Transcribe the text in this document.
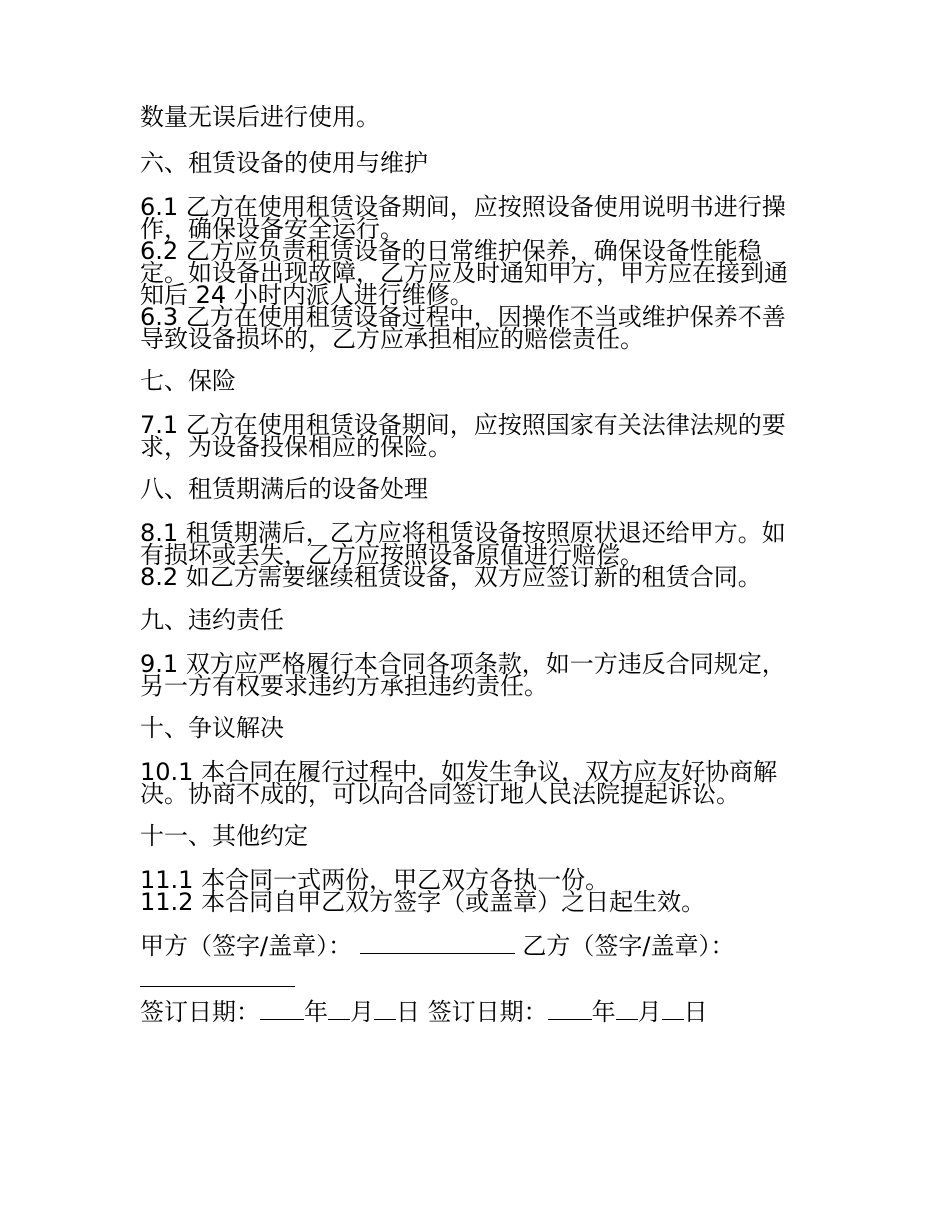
数量无误后进行使用。
六、租赁设备的使用与维护
6.1 乙方在使用租赁设备期间，应按照设备使用说明书进行操
作，确保设备安全运行。
6.2 乙方应负责租赁设备的日常维护保养，确保设备性能稳
定。如设备出现故障，乙方应及时通知甲方，甲方应在接到通
知后 24 小时内派人进行维修。
6.3 乙方在使用租赁设备过程中，因操作不当或维护保养不善
导致设备损坏的，乙方应承担相应的赔偿责任。
七、保险
7.1 乙方在使用租赁设备期间，应按照国家有关法律法规的要
求，为设备投保相应的保险。
八、租赁期满后的设备处理
8.1 租赁期满后，乙方应将租赁设备按照原状退还给甲方。如
有损坏或丢失，乙方应按照设备原值进行赔偿。
8.2 如乙方需要继续租赁设备，双方应签订新的租赁合同。
九、违约责任
9.1 双方应严格履行本合同各项条款，如一方违反合同规定，
另一方有权要求违约方承担违约责任。
十、争议解决
10.1 本合同在履行过程中，如发生争议，双方应友好协商解
决。协商不成的，可以向合同签订地人民法院提起诉讼。
十一、其他约定
11.1 本合同一式两份，甲乙双方各执一份。
11.2 本合同自甲乙双方签字（或盖章）之日起生效。
甲方（签字/盖章）：	乙方（签字/盖章）：
签订日期： 年 月 日 签订日期： 年 月 日
